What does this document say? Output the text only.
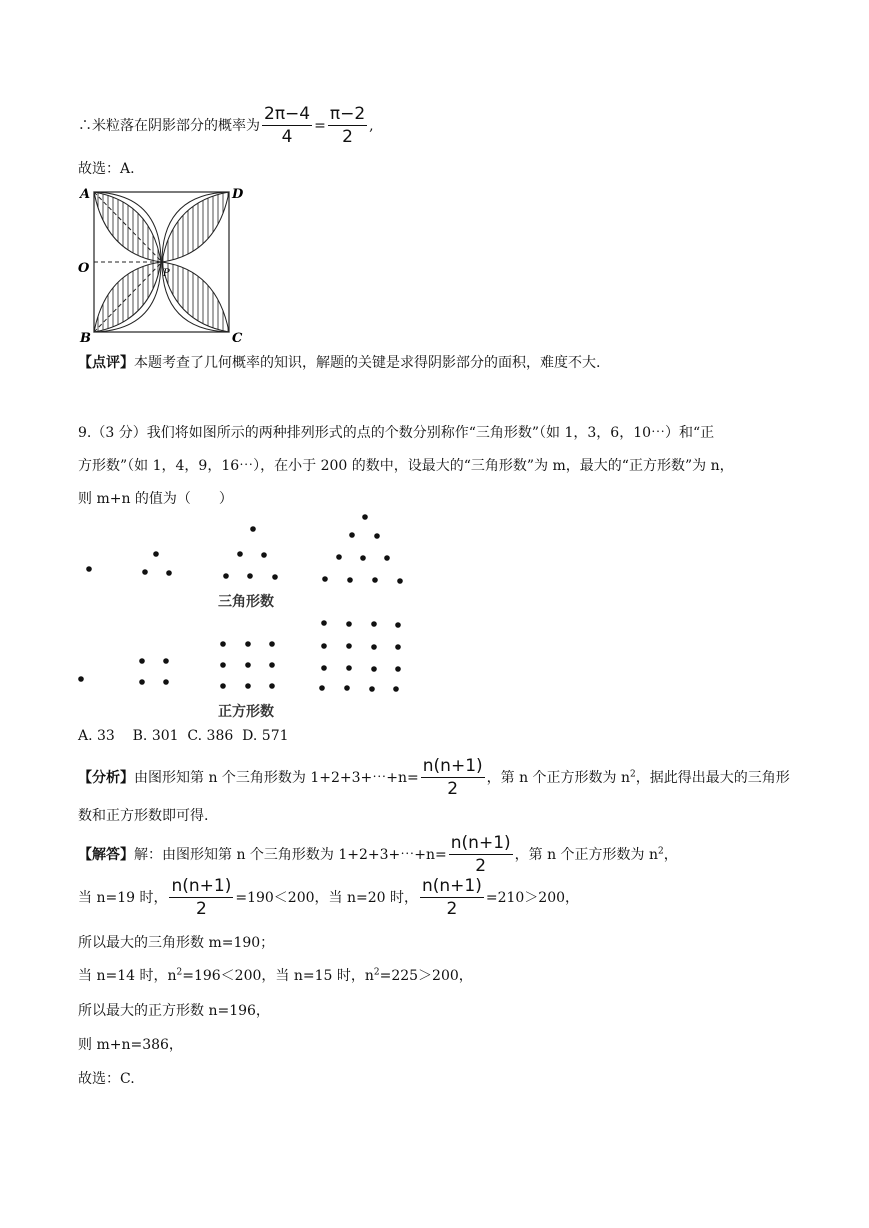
∴米粒落在阴影部分的概率为 $\frac{2\pi-4}{4} = \frac{\pi-2}{2}$ ,
故选：A.
A	D
O	P
B	C
【点评】本题考查了几何概率的知识，解题的关键是求得阴影部分的面积，难度不大.
9.（3 分）我们将如图所示的两种排列形式的点的个数分别称作“三角形数”（如 1，3，6，10⋯）和“正
方形数”（如 1，4，9，16⋯），在小于 200 的数中，设最大的“三角形数”为 m，最大的“正方形数”为 n，
则 m+n 的值为（　　）
三角形数
正方形数
A. 33    B. 301  C. 386  D. 571
【分析】由图形知第 n 个三角形数为 1+2+3+⋯+n= $\frac{n(n+1)}{2}$ ，第 n 个正方形数为 $n^2$，据此得出最大的三角形
数和正方形数即可得.
【解答】解：由图形知第 n 个三角形数为 1+2+3+⋯+n= $\frac{n(n+1)}{2}$ ，第 n 个正方形数为 $n^2$，
当 n=19 时， $\frac{n(n+1)}{2} =190<200$，当 n=20 时， $\frac{n(n+1)}{2} =210>200$，
所以最大的三角形数 m=190；
当 n=14 时，$n^2=196<200$，当 n=15 时，$n^2=225>200$，
所以最大的正方形数 n=196，
则 m+n=386，
故选：C.
